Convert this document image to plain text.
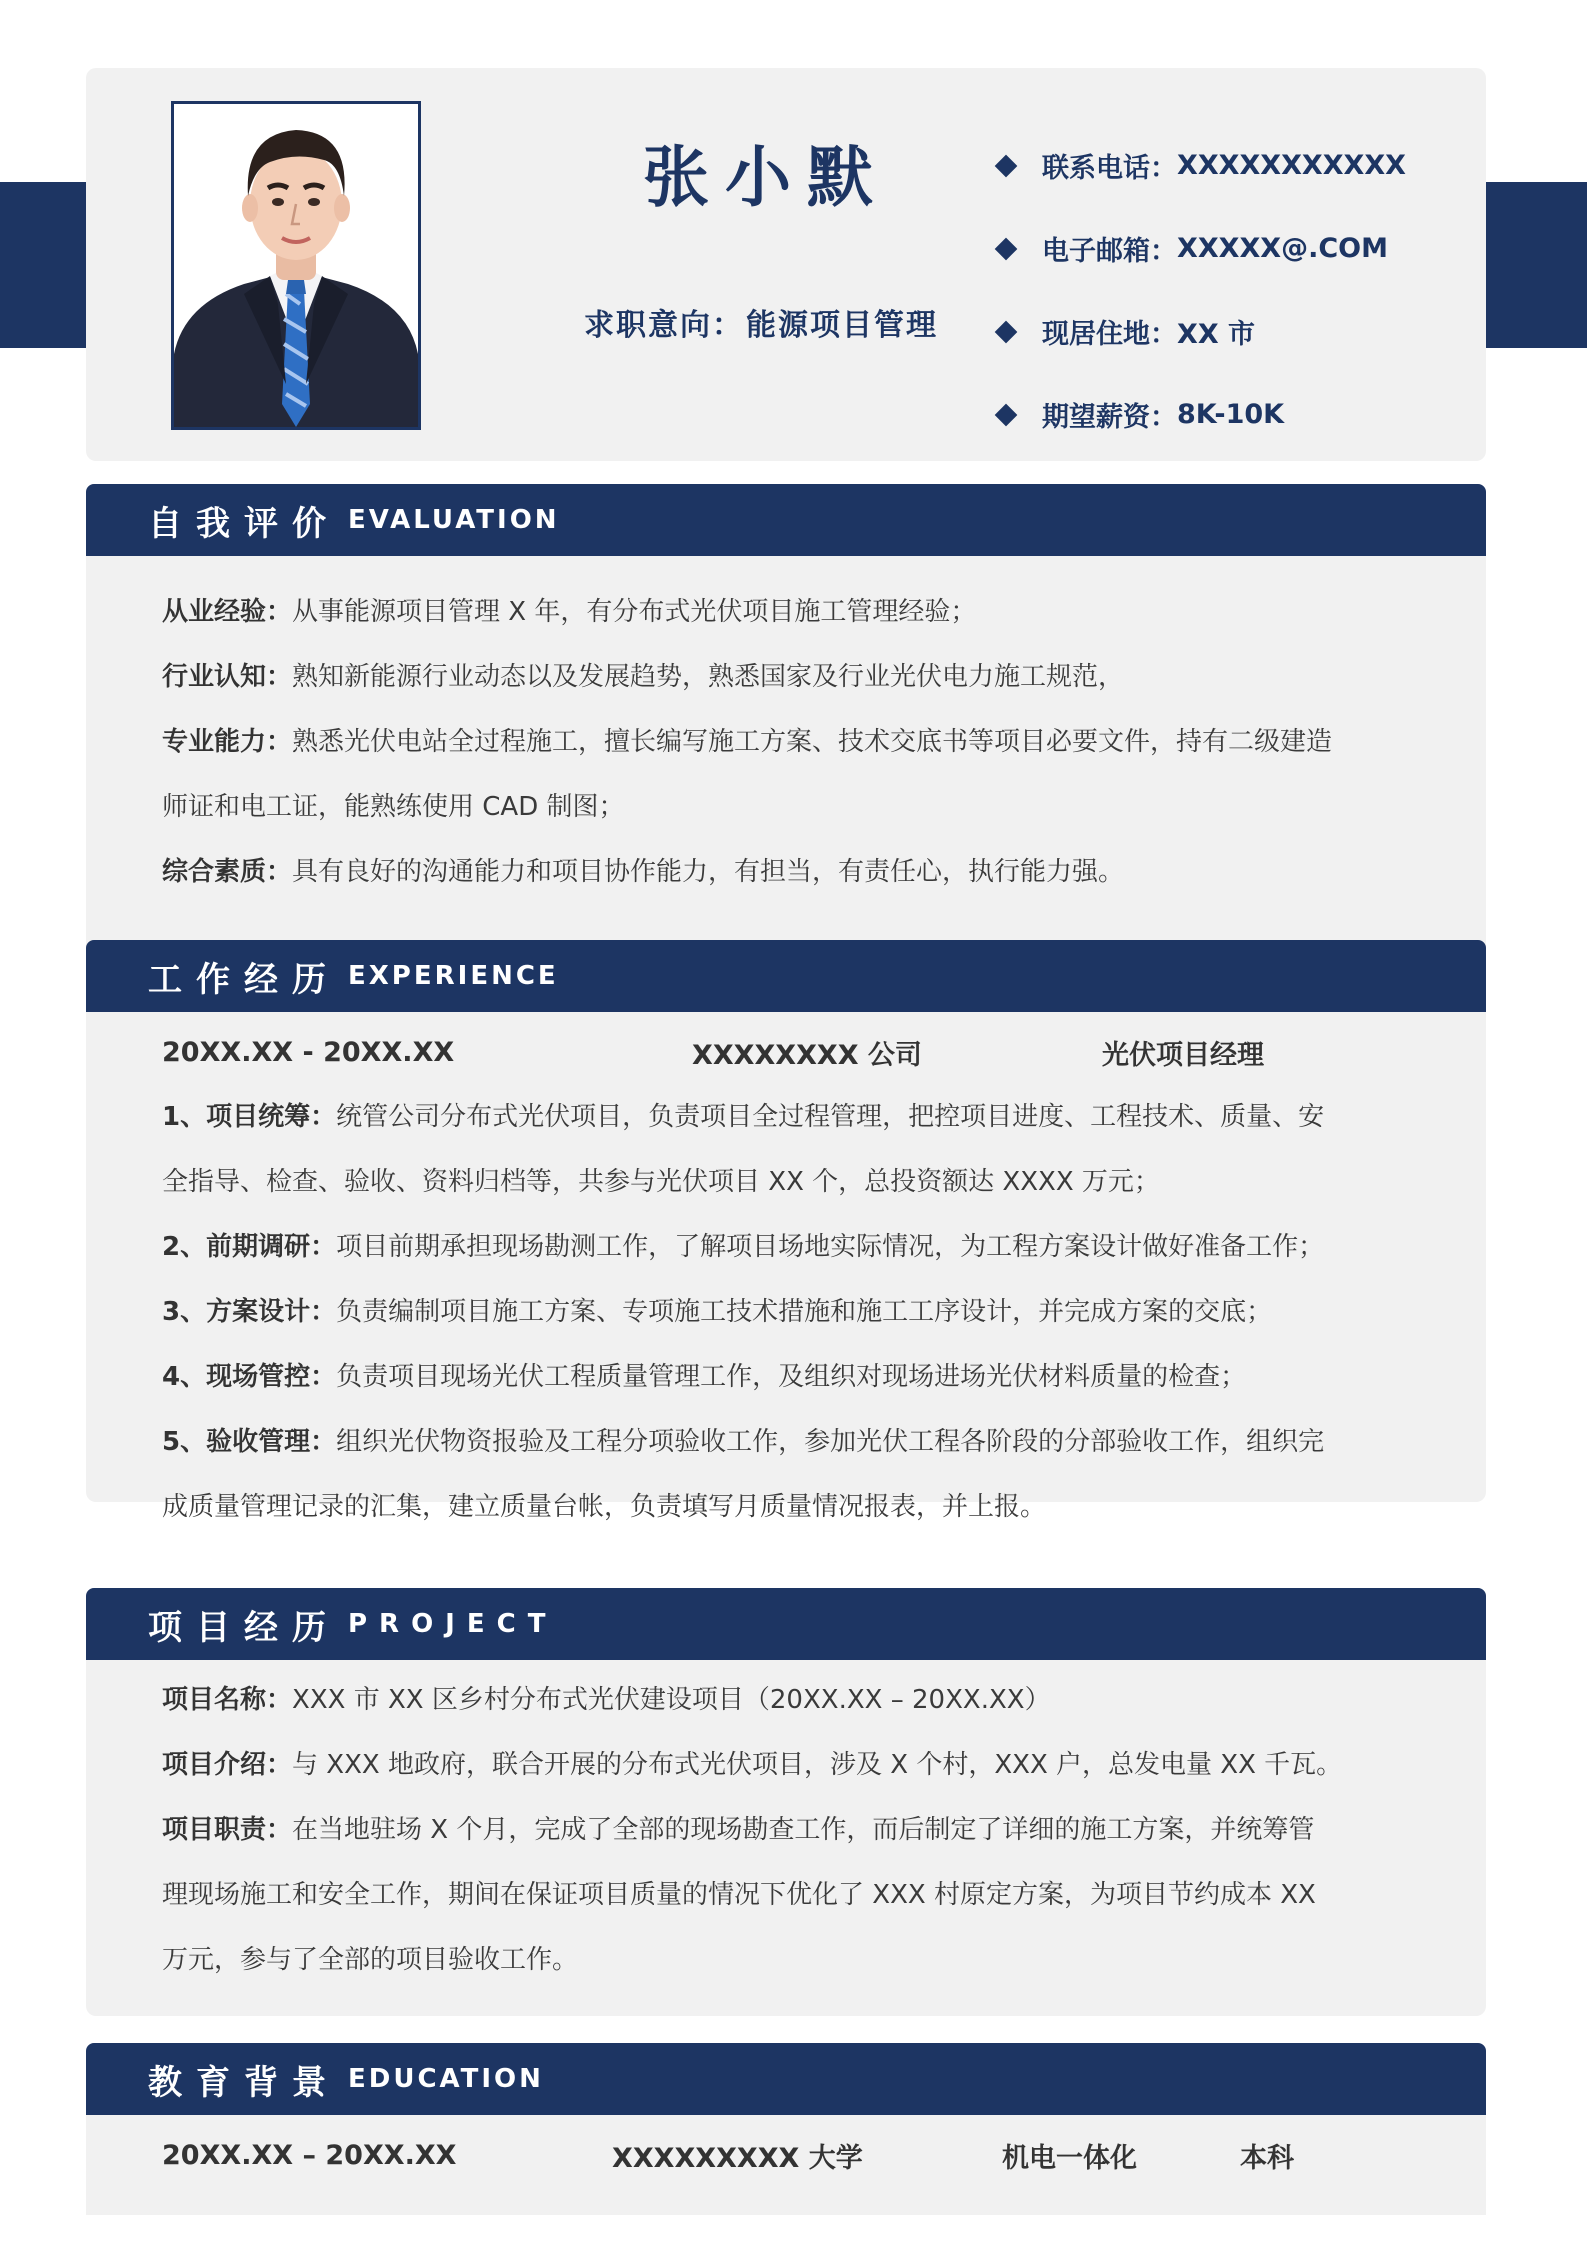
张小默
求职意向：能源项目管理
联系电话： XXXXXXXXXXX
电子邮箱： XXXXX@.COM
现居住地： XX 市
期望薪资： 8K-10K
自我评价 EVALUATION
从业经验：从事能源项目管理 X 年，有分布式光伏项目施工管理经验；
行业认知：熟知新能源行业动态以及发展趋势，熟悉国家及行业光伏电力施工规范，
专业能力：熟悉光伏电站全过程施工，擅长编写施工方案、技术交底书等项目必要文件，持有二级建造
师证和电工证，能熟练使用 CAD 制图；
综合素质：具有良好的沟通能力和项目协作能力，有担当，有责任心，执行能力强。
工作经历 EXPERIENCE
20XX.XX - 20XX.XX	XXXXXXXX 公司	光伏项目经理
1、项目统筹：统管公司分布式光伏项目，负责项目全过程管理，把控项目进度、工程技术、质量、安
全指导、检查、验收、资料归档等，共参与光伏项目 XX 个，总投资额达 XXXX 万元；
2、前期调研：项目前期承担现场勘测工作，了解项目场地实际情况，为工程方案设计做好准备工作；
3、方案设计：负责编制项目施工方案、专项施工技术措施和施工工序设计，并完成方案的交底；
4、现场管控：负责项目现场光伏工程质量管理工作，及组织对现场进场光伏材料质量的检查；
5、验收管理：组织光伏物资报验及工程分项验收工作，参加光伏工程各阶段的分部验收工作，组织完
成质量管理记录的汇集，建立质量台帐，负责填写月质量情况报表，并上报。
项目经历 PROJECT
项目名称：XXX 市 XX 区乡村分布式光伏建设项目（20XX.XX – 20XX.XX）
项目介绍：与 XXX 地政府，联合开展的分布式光伏项目，涉及 X 个村，XXX 户，总发电量 XX 千瓦。
项目职责：在当地驻场 X 个月，完成了全部的现场勘查工作，而后制定了详细的施工方案，并统筹管
理现场施工和安全工作，期间在保证项目质量的情况下优化了 XXX 村原定方案，为项目节约成本 XX
万元，参与了全部的项目验收工作。
教育背景 EDUCATION
20XX.XX – 20XX.XX	XXXXXXXXX 大学	机电一体化	本科
